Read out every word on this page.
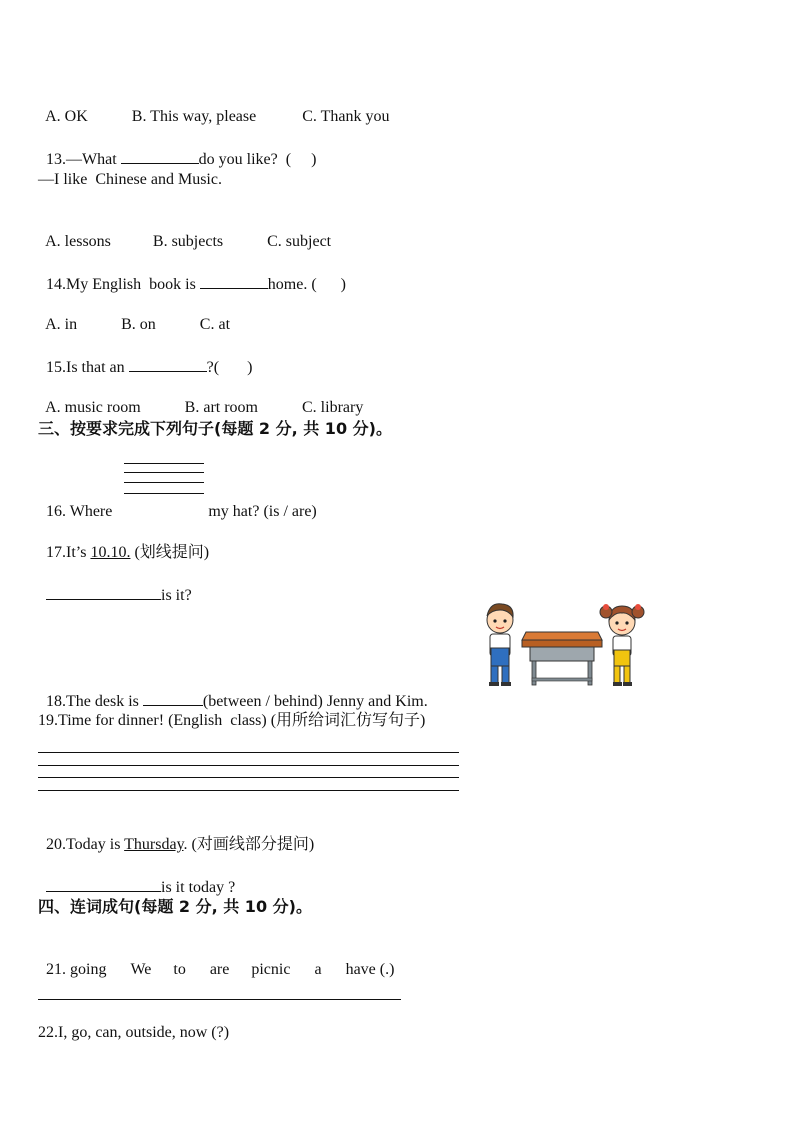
A. OK	B. This way, please	C. Thank you

13.—What	do you like?  ( )

—I like  Chinese and Music.

A. lessons	B. subjects	C. subject

14.My English  book is	home. ( )

A. in	B. on	C. at

15.Is that an	?( )

A. music room	B. art room	C. library

三、按要求完成下列句子(每题 2 分, 共 10 分)。

16. Where	my hat? (is / are)

17.It’s 10.10. (划线提问)

is it?

18.The desk is	(between / behind) Jenny and Kim.

19.Time for dinner! (English  class) (用所给词汇仿写句子)

20.Today is Thursday. (对画线部分提问)

is it today ?

四、连词成句(每题 2 分, 共 10 分)。

21. going We to are picnic a have (.)

22.I, go, can, outside, now (?)
